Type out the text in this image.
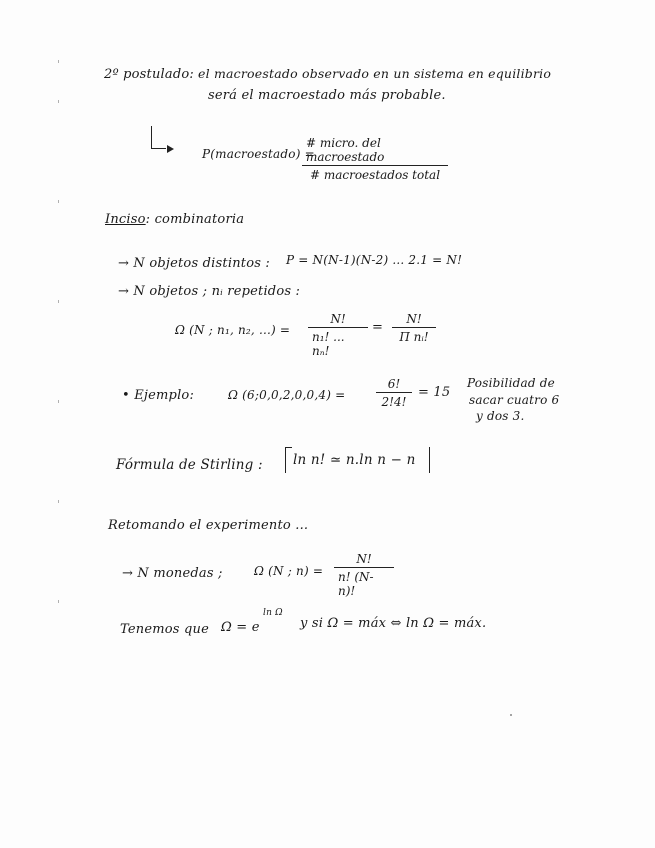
2º postulado: el macroestado observado en un sistema en equilibrio
será el macroestado más probable.
P(macroestado) =
# micro. del macroestado
# macroestados total
Inciso: combinatoria
→ N objetos distintos : P = N(N-1)(N-2) ... 2.1 = N!
→ N objetos ; nᵢ repetidos :
Ω (N ; n₁, n₂, ...) =
N!
n₁! ... nₙ!
=
N!
Π nᵢ!
• Ejemplo:	Ω (6;0,0,2,0,0,4) =
6!
2!4!
= 15
Posibilidad de
sacar cuatro 6
y dos 3.
Fórmula de Stirling : ln n! ≃ n.ln n − n
Retomando el experimento ...
→ N monedas ;	Ω (N ; n) =
N!
n! (N-n)!
Tenemos que Ω = e
ln Ω
y si Ω = máx ⇔ ln Ω = máx.
